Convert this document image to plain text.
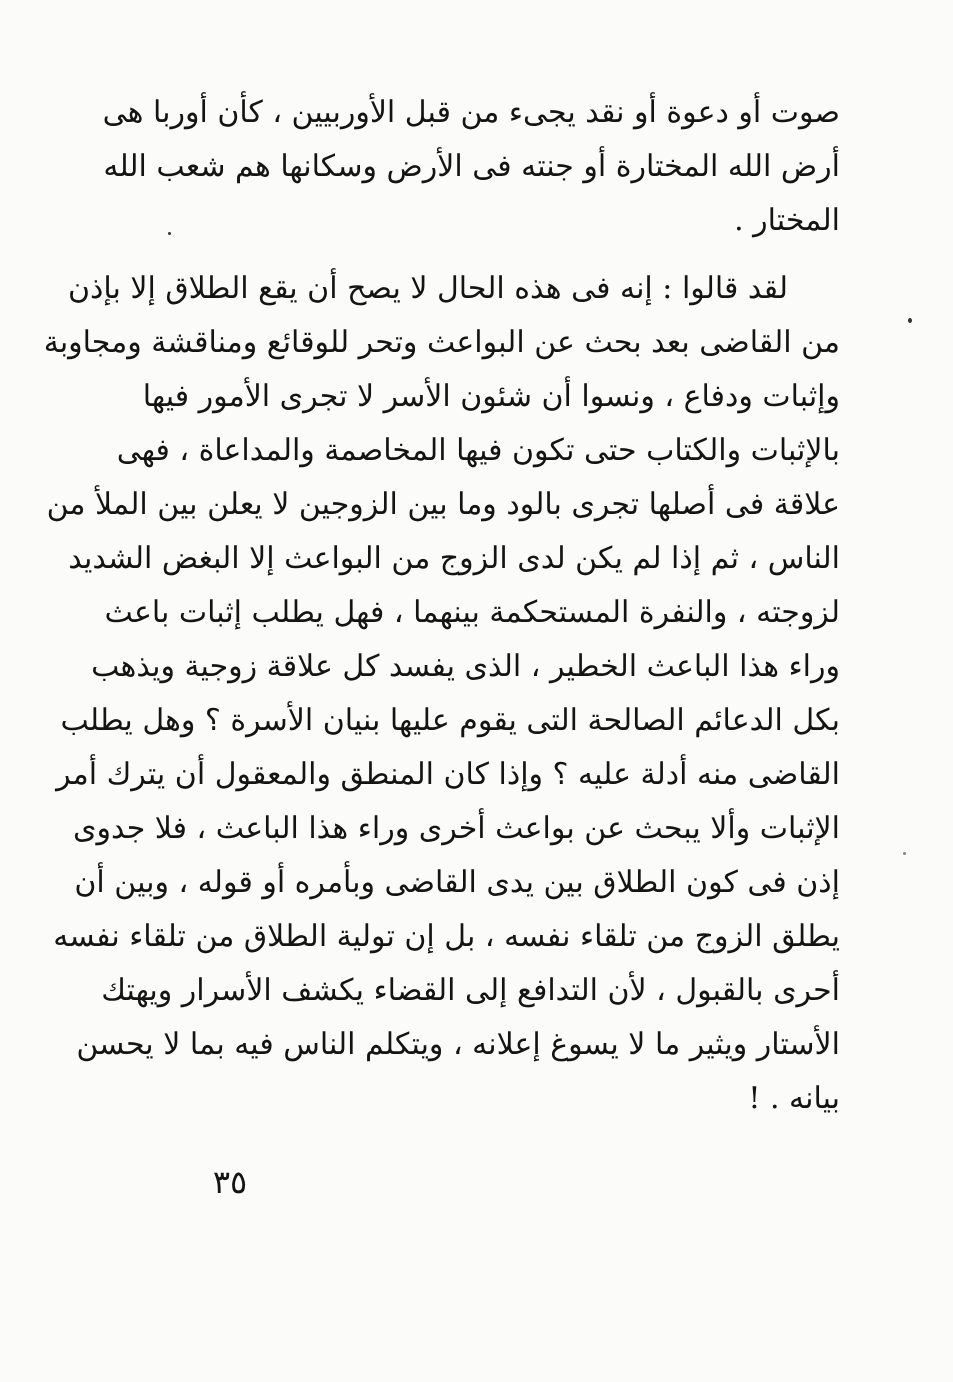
صوت أو دعوة أو نقد يجىء من قبل الأوربيين ، كأن أوربا هى
أرض الله المختارة أو جنته فى الأرض وسكانها هم شعب الله
المختار .
لقد قالوا : إنه فى هذه الحال لا يصح أن يقع الطلاق إلا بإذن
من القاضى بعد بحث عن البواعث وتحر للوقائع ومناقشة ومجاوبة
وإثبات ودفاع ، ونسوا أن شئون الأسر لا تجرى الأمور فيها
بالإثبات والكتاب حتى تكون فيها المخاصمة والمداعاة ، فهى
علاقة فى أصلها تجرى بالود وما بين الزوجين لا يعلن بين الملأ من
الناس ، ثم إذا لم يكن لدى الزوج من البواعث إلا البغض الشديد
لزوجته ، والنفرة المستحكمة بينهما ، فهل يطلب إثبات باعث
وراء هذا الباعث الخطير ، الذى يفسد كل علاقة زوجية ويذهب
بكل الدعائم الصالحة التى يقوم عليها بنيان الأسرة ؟ وهل يطلب
القاضى منه أدلة عليه ؟ وإذا كان المنطق والمعقول أن يترك أمر
الإثبات وألا يبحث عن بواعث أخرى وراء هذا الباعث ، فلا جدوى
إذن فى كون الطلاق بين يدى القاضى وبأمره أو قوله ، وبين أن
يطلق الزوج من تلقاء نفسه ، بل إن تولية الطلاق من تلقاء نفسه
أحرى بالقبول ، لأن التدافع إلى القضاء يكشف الأسرار ويهتك
الأستار ويثير ما لا يسوغ إعلانه ، ويتكلم الناس فيه بما لا يحسن
بيانه . !
٣٥
